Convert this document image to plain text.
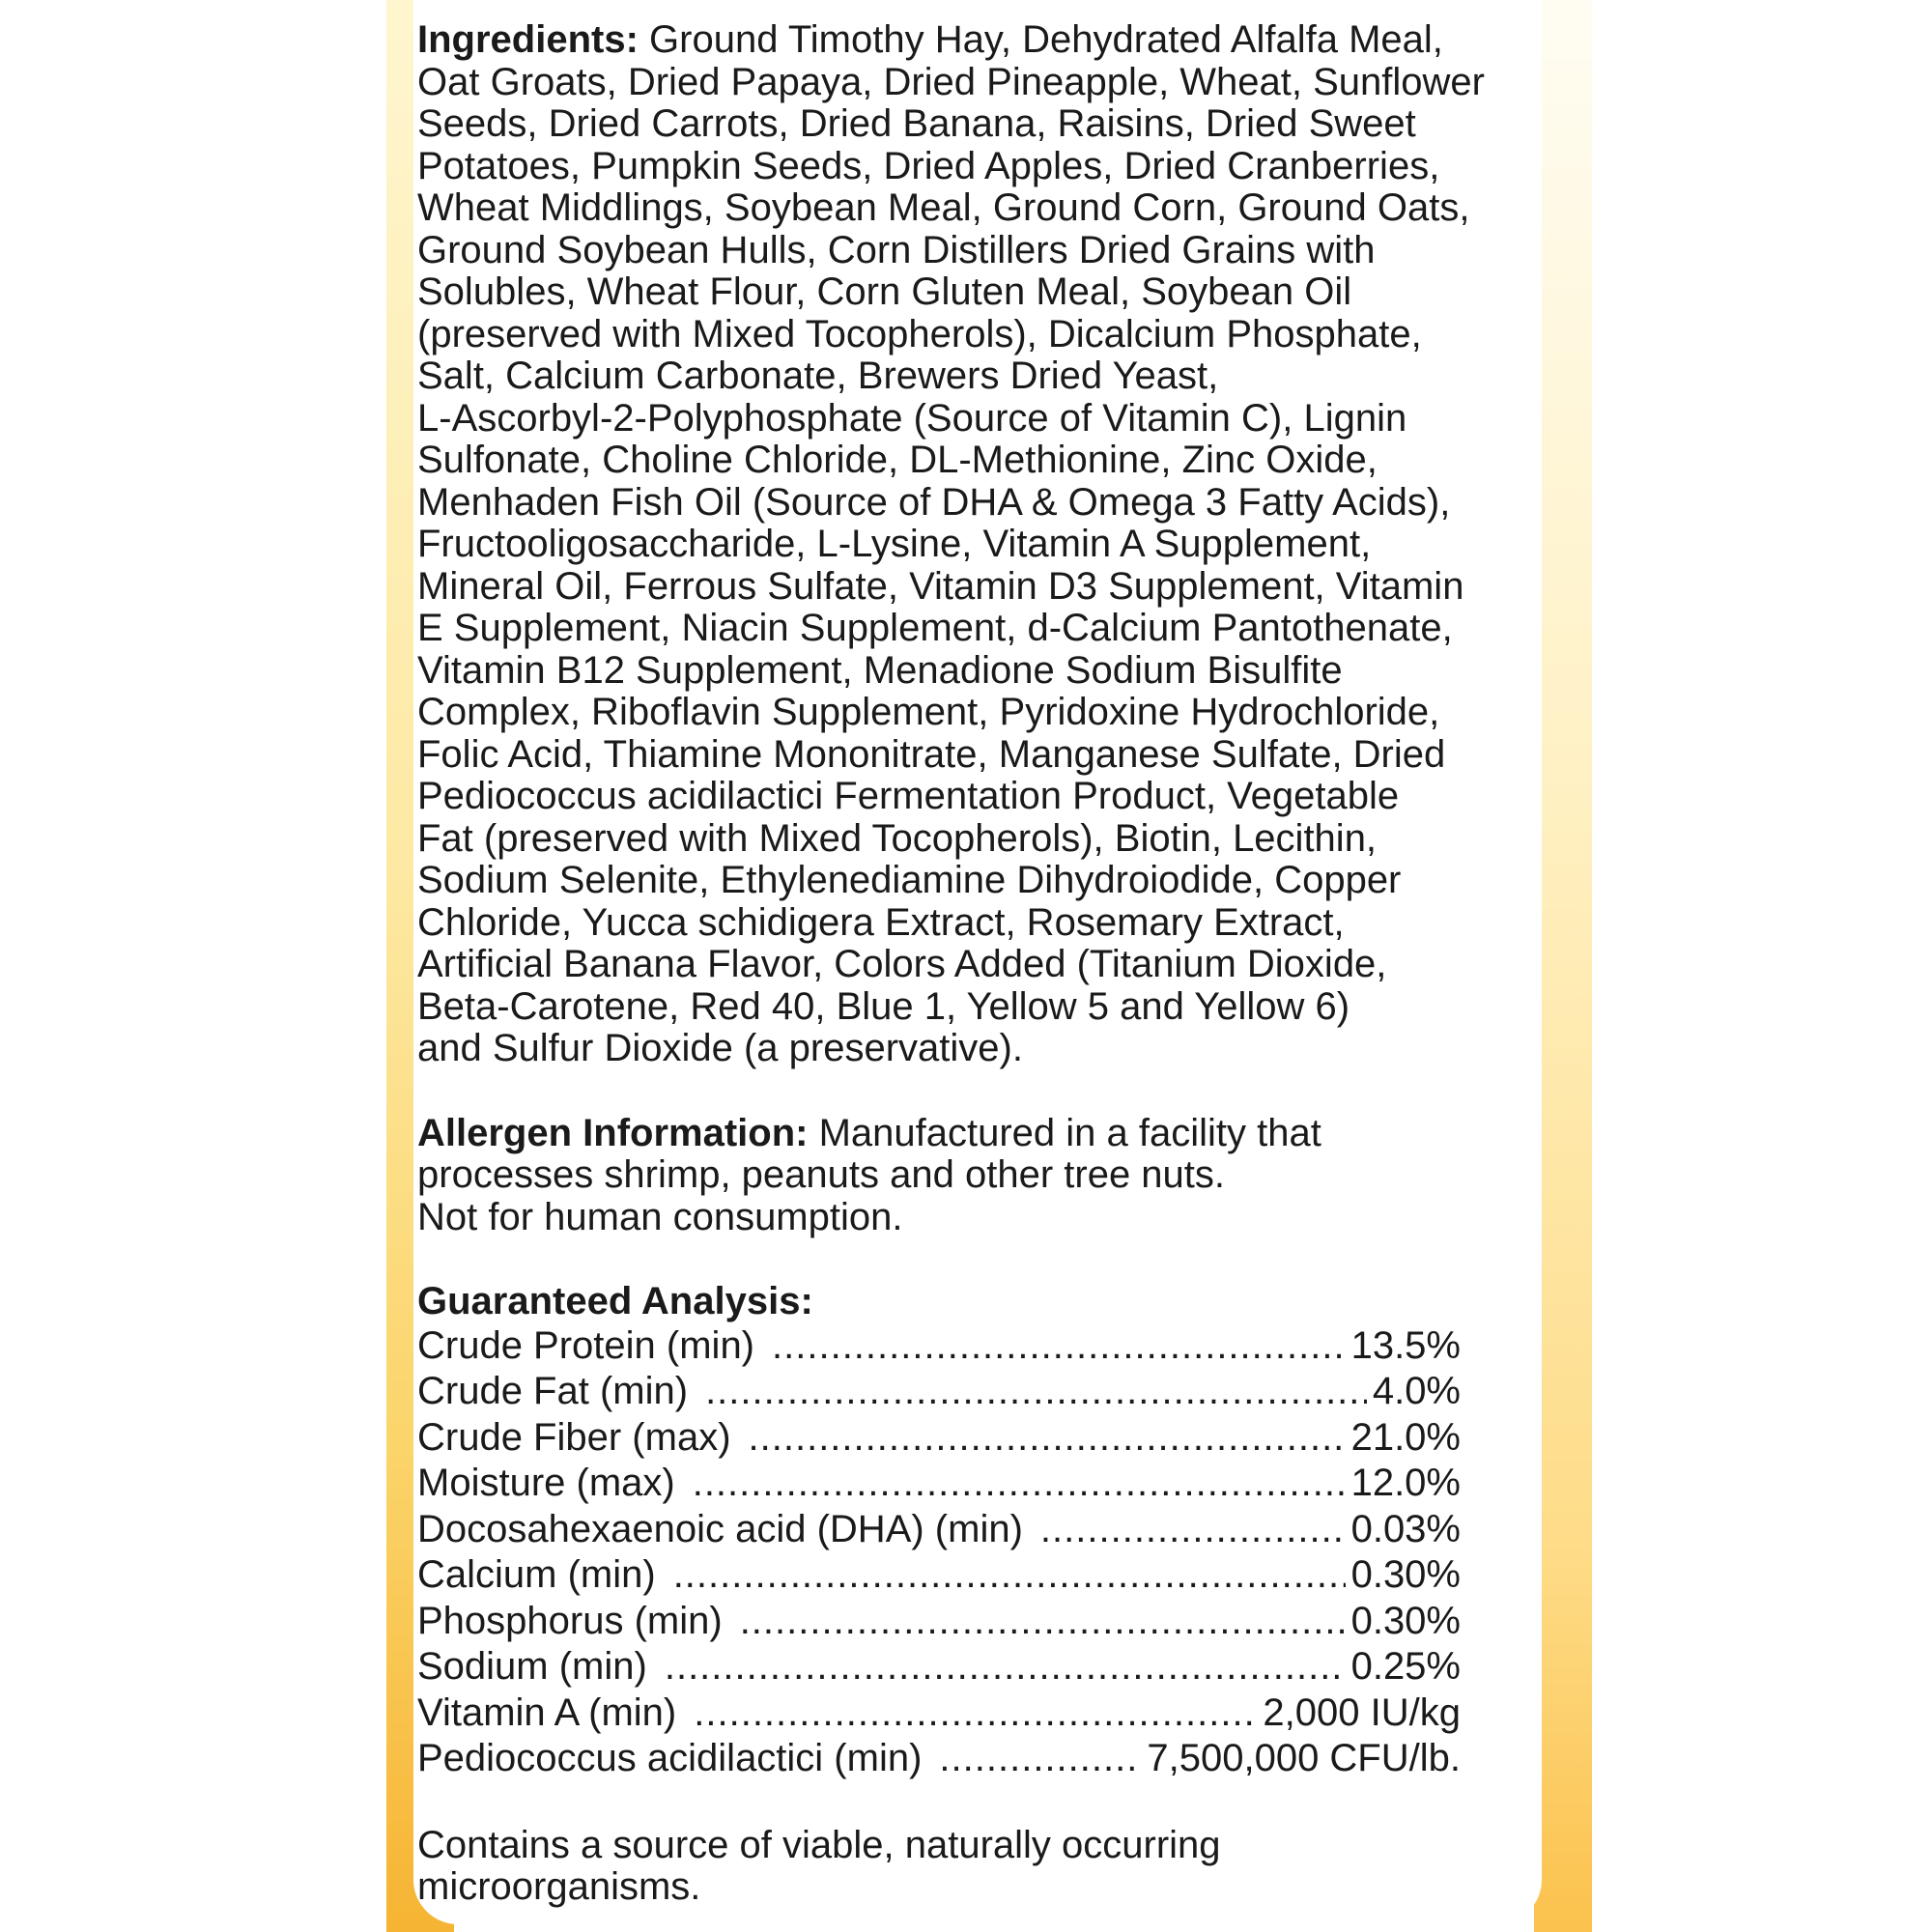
Ingredients: Ground Timothy Hay, Dehydrated Alfalfa Meal,
Oat Groats, Dried Papaya, Dried Pineapple, Wheat, Sunflower
Seeds, Dried Carrots, Dried Banana, Raisins, Dried Sweet
Potatoes, Pumpkin Seeds, Dried Apples, Dried Cranberries,
Wheat Middlings, Soybean Meal, Ground Corn, Ground Oats,
Ground Soybean Hulls, Corn Distillers Dried Grains with
Solubles, Wheat Flour, Corn Gluten Meal, Soybean Oil
(preserved with Mixed Tocopherols), Dicalcium Phosphate,
Salt, Calcium Carbonate, Brewers Dried Yeast,
L-Ascorbyl-2-Polyphosphate (Source of Vitamin C), Lignin
Sulfonate, Choline Chloride, DL-Methionine, Zinc Oxide,
Menhaden Fish Oil (Source of DHA & Omega 3 Fatty Acids),
Fructooligosaccharide, L-Lysine, Vitamin A Supplement,
Mineral Oil, Ferrous Sulfate, Vitamin D3 Supplement, Vitamin
E Supplement, Niacin Supplement, d-Calcium Pantothenate,
Vitamin B12 Supplement, Menadione Sodium Bisulfite
Complex, Riboflavin Supplement, Pyridoxine Hydrochloride,
Folic Acid, Thiamine Mononitrate, Manganese Sulfate, Dried
Pediococcus acidilactici Fermentation Product, Vegetable
Fat (preserved with Mixed Tocopherols), Biotin, Lecithin,
Sodium Selenite, Ethylenediamine Dihydroiodide, Copper
Chloride, Yucca schidigera Extract, Rosemary Extract,
Artificial Banana Flavor, Colors Added (Titanium Dioxide,
Beta-Carotene, Red 40, Blue 1, Yellow 5 and Yellow 6)
and Sulfur Dioxide (a preservative).
Allergen Information: Manufactured in a facility that
processes shrimp, peanuts and other tree nuts.
Not for human consumption.
Guaranteed Analysis:
Crude Protein (min) .....	13.5%
Crude Fat (min) .....	4.0%
Crude Fiber (max) .....	21.0%
Moisture (max) .....	12.0%
Docosahexaenoic acid (DHA) (min) .....	0.03%
Calcium (min) .....	0.30%
Phosphorus (min) .....	0.30%
Sodium (min) .....	0.25%
Vitamin A (min) .....	2,000 IU/kg
Pediococcus acidilactici (min) .....	7,500,000 CFU/lb.
Contains a source of viable, naturally occurring
microorganisms.
